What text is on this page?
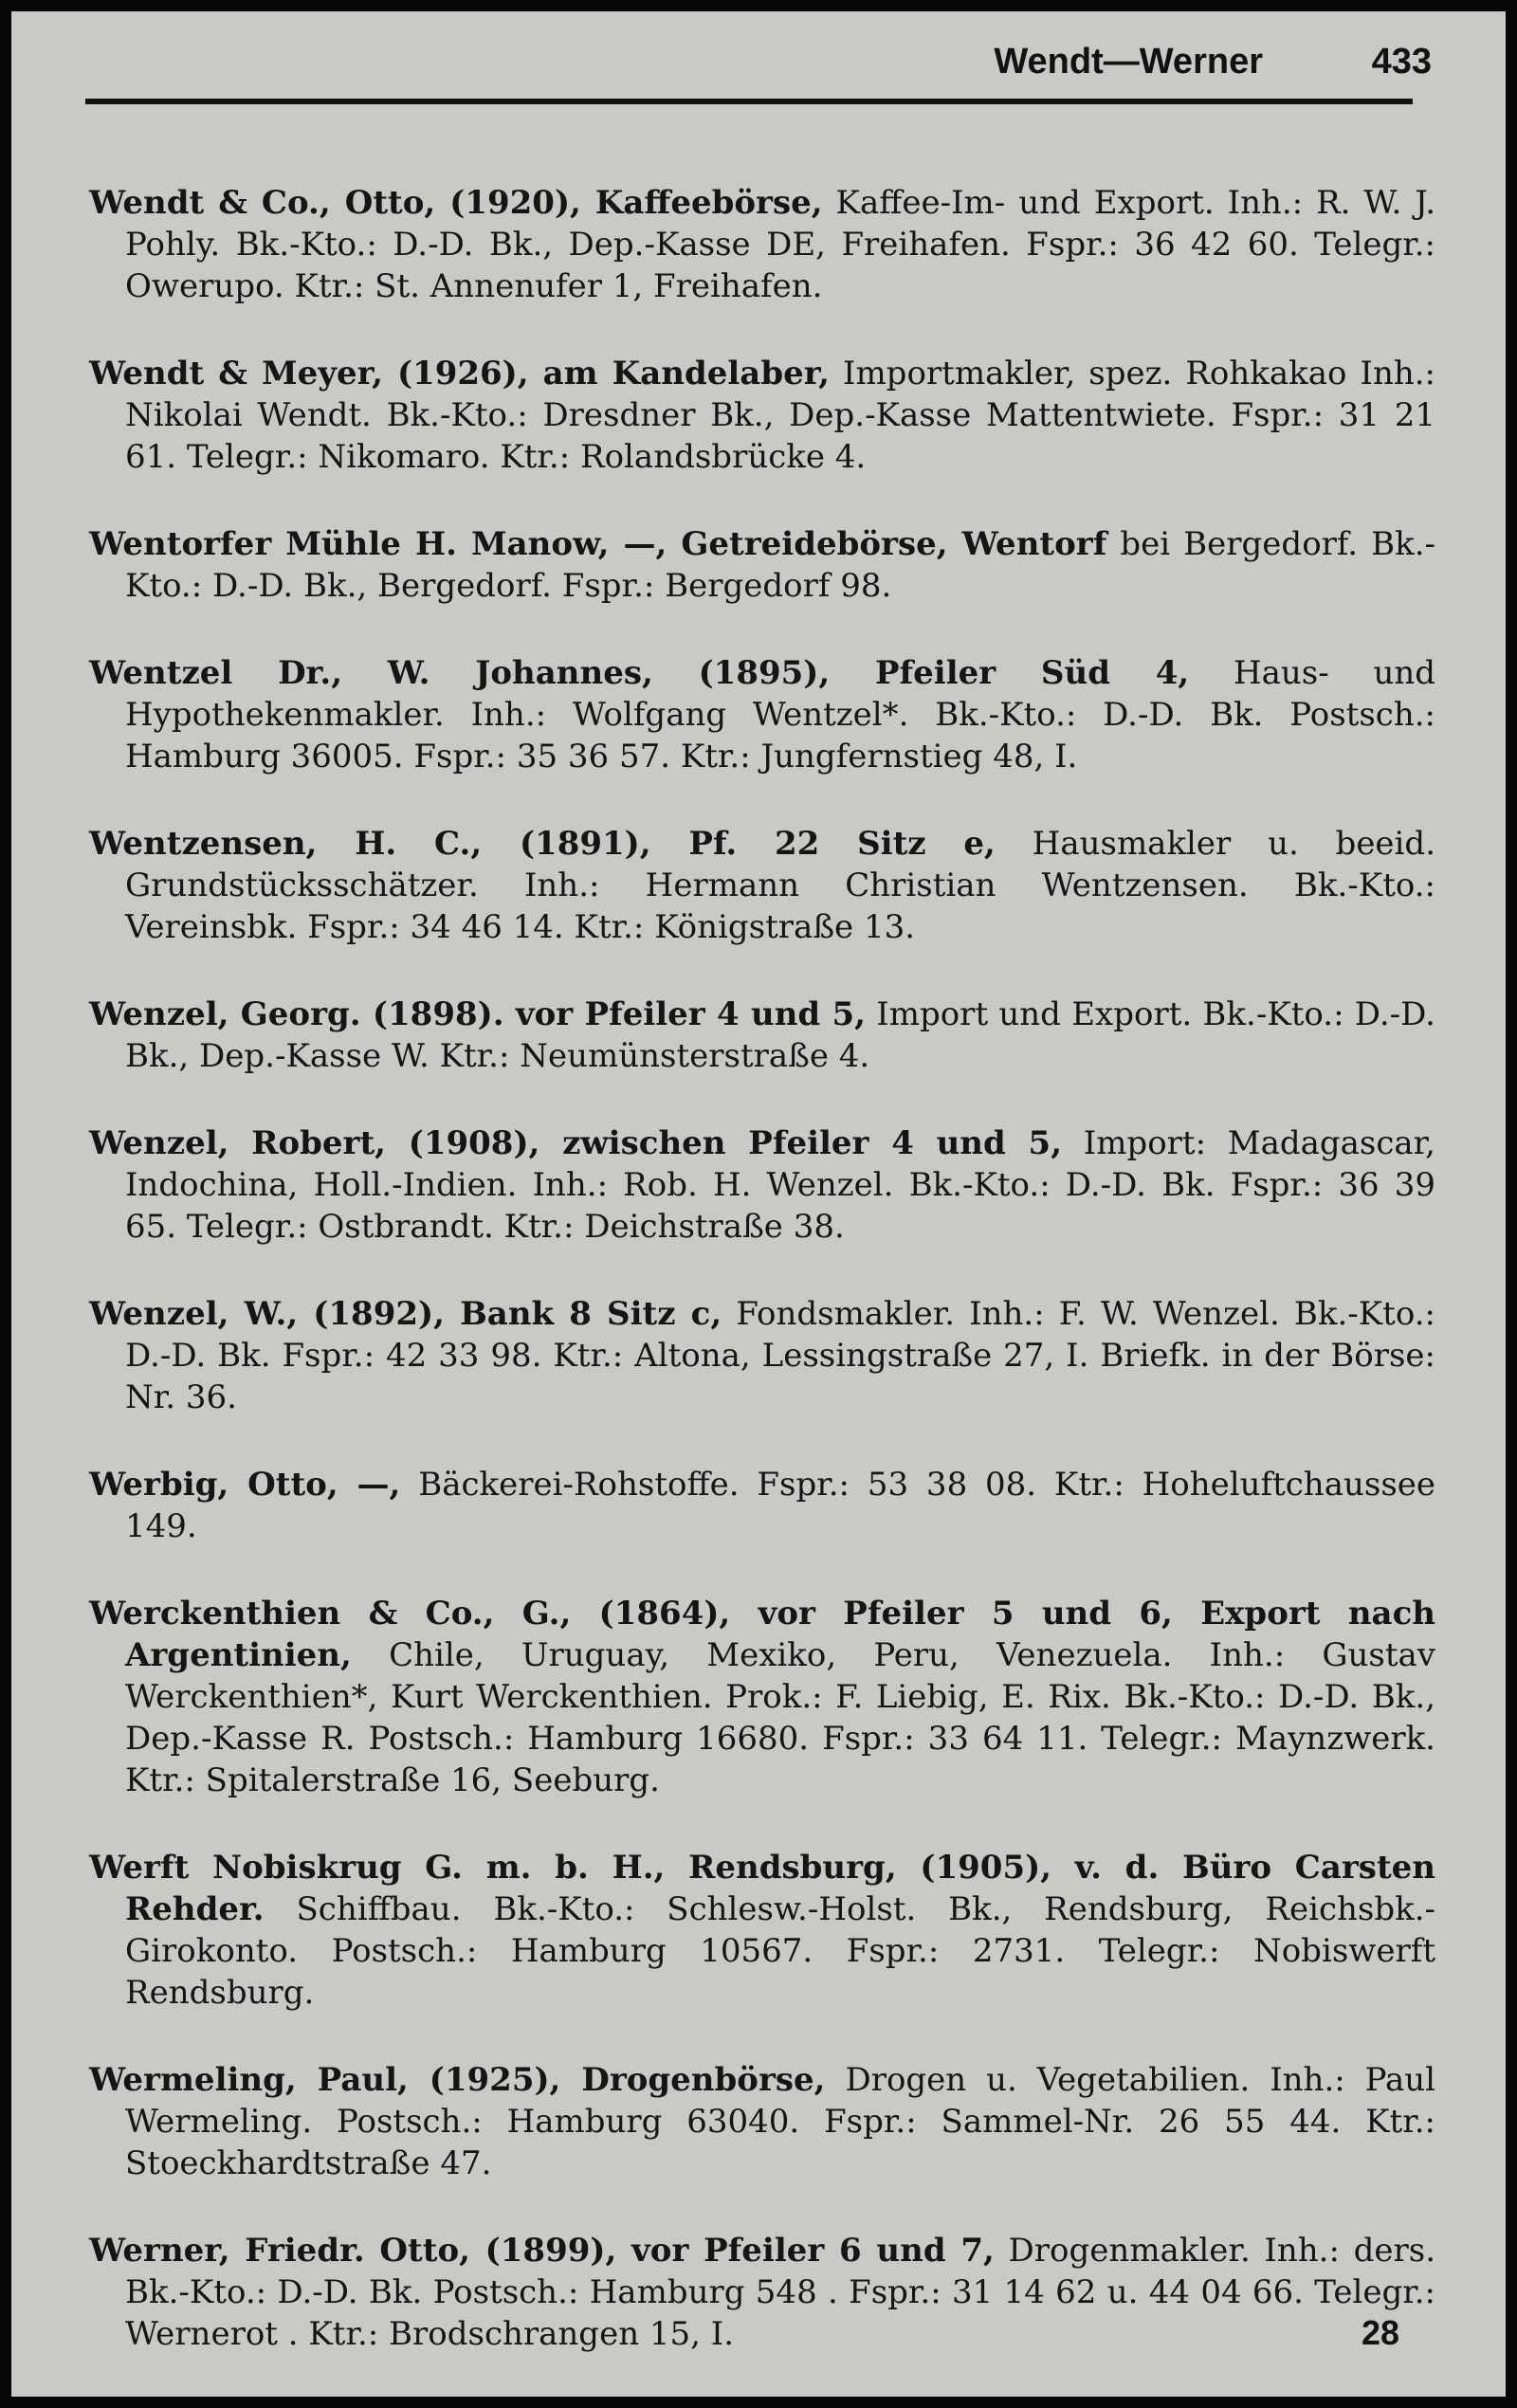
Wendt—Werner	433

Wendt & Co., Otto, (1920), Kaffeebörse, Kaffee-Im- und Export. Inh.: R. W. J. Pohly. Bk.-Kto.: D.-D. Bk., Dep.-Kasse DE, Freihafen. Fspr.: 36 42 60. Telegr.: Owerupo. Ktr.: St. Annenufer 1, Freihafen.

Wendt & Meyer, (1926), am Kandelaber, Importmakler, spez. Rohkakao Inh.: Nikolai Wendt. Bk.-Kto.: Dresdner Bk., Dep.-Kasse Mattentwiete. Fspr.: 31 21 61. Telegr.: Nikomaro. Ktr.: Rolandsbrücke 4.

Wentorfer Mühle H. Manow, —, Getreidebörse, Wentorf bei Bergedorf. Bk.-Kto.: D.-D. Bk., Bergedorf. Fspr.: Bergedorf 98.

Wentzel Dr., W. Johannes, (1895), Pfeiler Süd 4, Haus- und Hypothekenmakler. Inh.: Wolfgang Wentzel*. Bk.-Kto.: D.-D. Bk. Postsch.: Hamburg 36005. Fspr.: 35 36 57. Ktr.: Jungfernstieg 48, I.

Wentzensen, H. C., (1891), Pf. 22 Sitz e, Hausmakler u. beeid. Grundstücksschätzer. Inh.: Hermann Christian Wentzensen. Bk.-Kto.: Vereinsbk. Fspr.: 34 46 14. Ktr.: Königstraße 13.

Wenzel, Georg. (1898). vor Pfeiler 4 und 5, Import und Export. Bk.-Kto.: D.-D. Bk., Dep.-Kasse W. Ktr.: Neumünsterstraße 4.

Wenzel, Robert, (1908), zwischen Pfeiler 4 und 5, Import: Madagascar, Indochina, Holl.-Indien. Inh.: Rob. H. Wenzel. Bk.-Kto.: D.-D. Bk. Fspr.: 36 39 65. Telegr.: Ostbrandt. Ktr.: Deichstraße 38.

Wenzel, W., (1892), Bank 8 Sitz c, Fondsmakler. Inh.: F. W. Wenzel. Bk.-Kto.: D.-D. Bk. Fspr.: 42 33 98. Ktr.: Altona, Lessingstraße 27, I. Briefk. in der Börse: Nr. 36.

Werbig, Otto, —, Bäckerei-Rohstoffe. Fspr.: 53 38 08. Ktr.: Hoheluftchaussee 149.

Werckenthien & Co., G., (1864), vor Pfeiler 5 und 6, Export nach Argentinien, Chile, Uruguay, Mexiko, Peru, Venezuela. Inh.: Gustav Werckenthien*, Kurt Werckenthien. Prok.: F. Liebig, E. Rix. Bk.-Kto.: D.-D. Bk., Dep.-Kasse R. Postsch.: Hamburg 16680. Fspr.: 33 64 11. Telegr.: Maynzwerk. Ktr.: Spitalerstraße 16, Seeburg.

Werft Nobiskrug G. m. b. H., Rendsburg, (1905), v. d. Büro Carsten Rehder. Schiffbau. Bk.-Kto.: Schlesw.-Holst. Bk., Rendsburg, Reichsbk.-Girokonto. Postsch.: Hamburg 10567. Fspr.: 2731. Telegr.: Nobiswerft Rendsburg.

Wermeling, Paul, (1925), Drogenbörse, Drogen u. Vegetabilien. Inh.: Paul Wermeling. Postsch.: Hamburg 63040. Fspr.: Sammel-Nr. 26 55 44. Ktr.: Stoeckhardtstraße 47.

Werner, Friedr. Otto, (1899), vor Pfeiler 6 und 7, Drogenmakler. Inh.: ders. Bk.-Kto.: D.-D. Bk. Postsch.: Hamburg 548 . Fspr.: 31 14 62 u. 44 04 66. Telegr.: Wernerot . Ktr.: Brodschrangen 15, I.	28
